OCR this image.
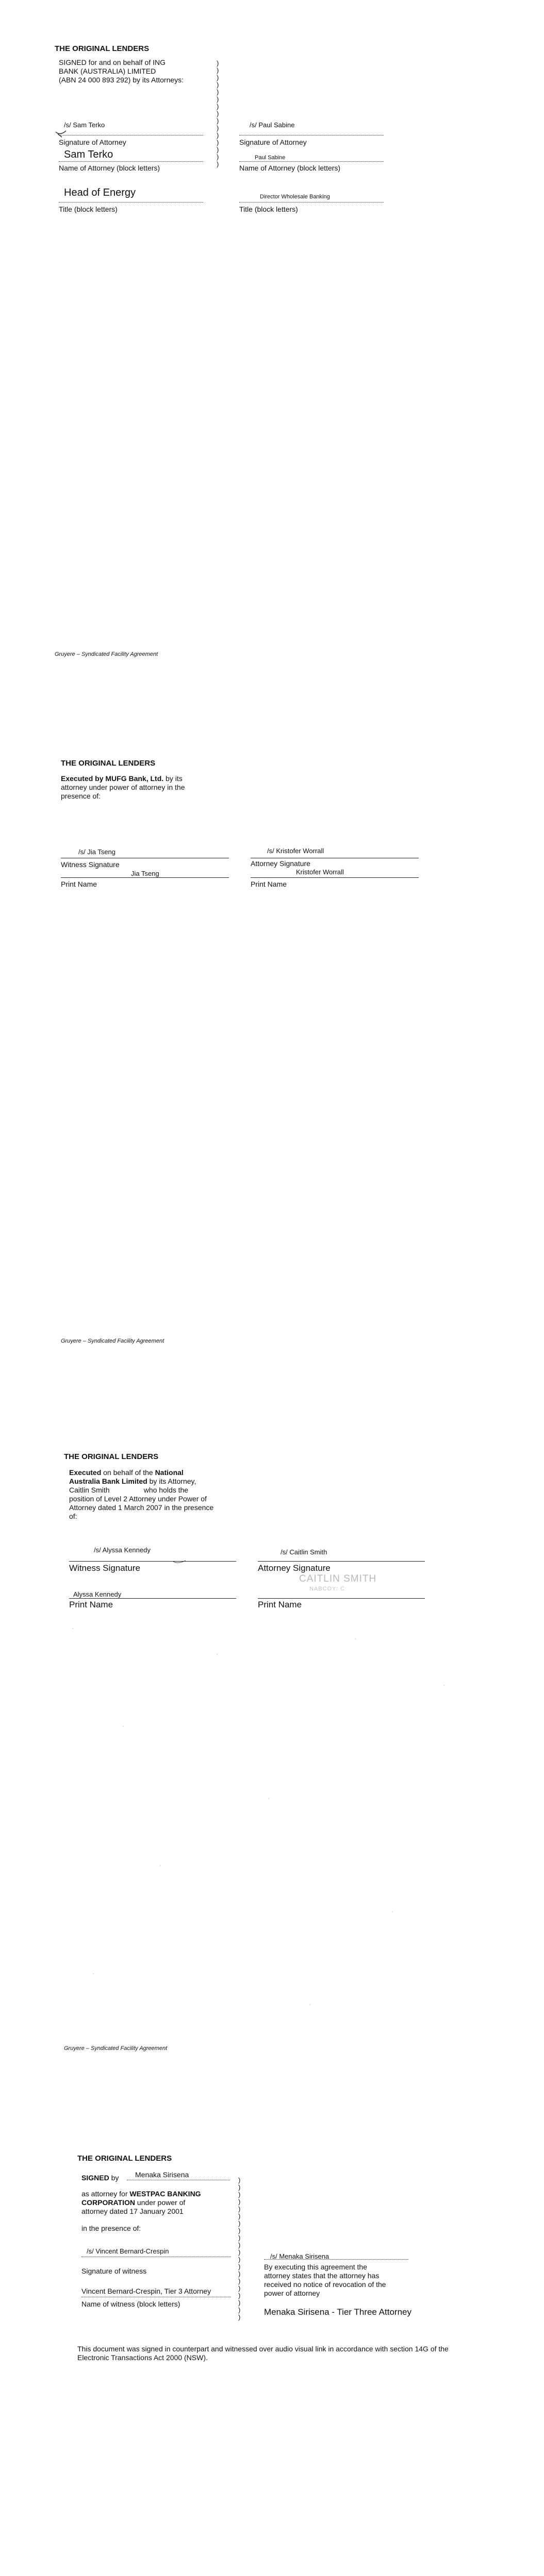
THE ORIGINAL LENDERS
SIGNED for and on behalf of ING
BANK (AUSTRALIA) LIMITED
(ABN 24 000 893 292) by its Attorneys:
)
)
)
)
)
)
)
)
)
)
)
)
)
)
)
/s/ Sam Terko	/s/ Paul Sabine
Signature of Attorney	Signature of Attorney
Sam Terko	Paul Sabine
Name of Attorney (block letters)	Name of Attorney (block letters)
Head of Energy	Director Wholesale Banking
Title (block letters)	Title (block letters)
Gruyere – Syndicated Facility Agreement
THE ORIGINAL LENDERS
Executed by MUFG Bank, Ltd. by its attorney under power of attorney in the presence of:
/s/ Jia Tseng	/s/ Kristofer Worrall
Witness Signature	Attorney Signature
Jia Tseng	Kristofer Worrall
Print Name	Print Name
Gruyere – Syndicated Facility Agreement
THE ORIGINAL LENDERS
Executed on behalf of the National
Australia Bank Limited by its Attorney,
Caitlin Smith                 who holds the
position of Level 2 Attorney under Power of
Attorney dated 1 March 2007 in the presence
of:
/s/ Alyssa Kennedy	/s/ Caitlin Smith
Witness Signature	Attorney Signature
CAITLIN SMITH
NABCOY: C
Alyssa Kennedy
Print Name	Print Name
Gruyere – Syndicated Facility Agreement
THE ORIGINAL LENDERS
SIGNED by Menaka Sirisena
as attorney for WESTPAC BANKING
CORPORATION under power of
attorney dated 17 January 2001
in the presence of:
)
)
)
)
)
)
)
)
)
)
)
)
)
)
)
)
)
)
)
)
/s/ Vincent Bernard-Crespin
/s/ Menaka Sirisena
Signature of witness	By executing this agreement the
attorney states that the attorney has
received no notice of revocation of the
power of attorney
Vincent Bernard-Crespin, Tier 3 Attorney
Menaka Sirisena - Tier Three Attorney
Name of witness (block letters)
This document was signed in counterpart and witnessed over audio visual link in accordance with section 14G of the
Electronic Transactions Act 2000 (NSW).
